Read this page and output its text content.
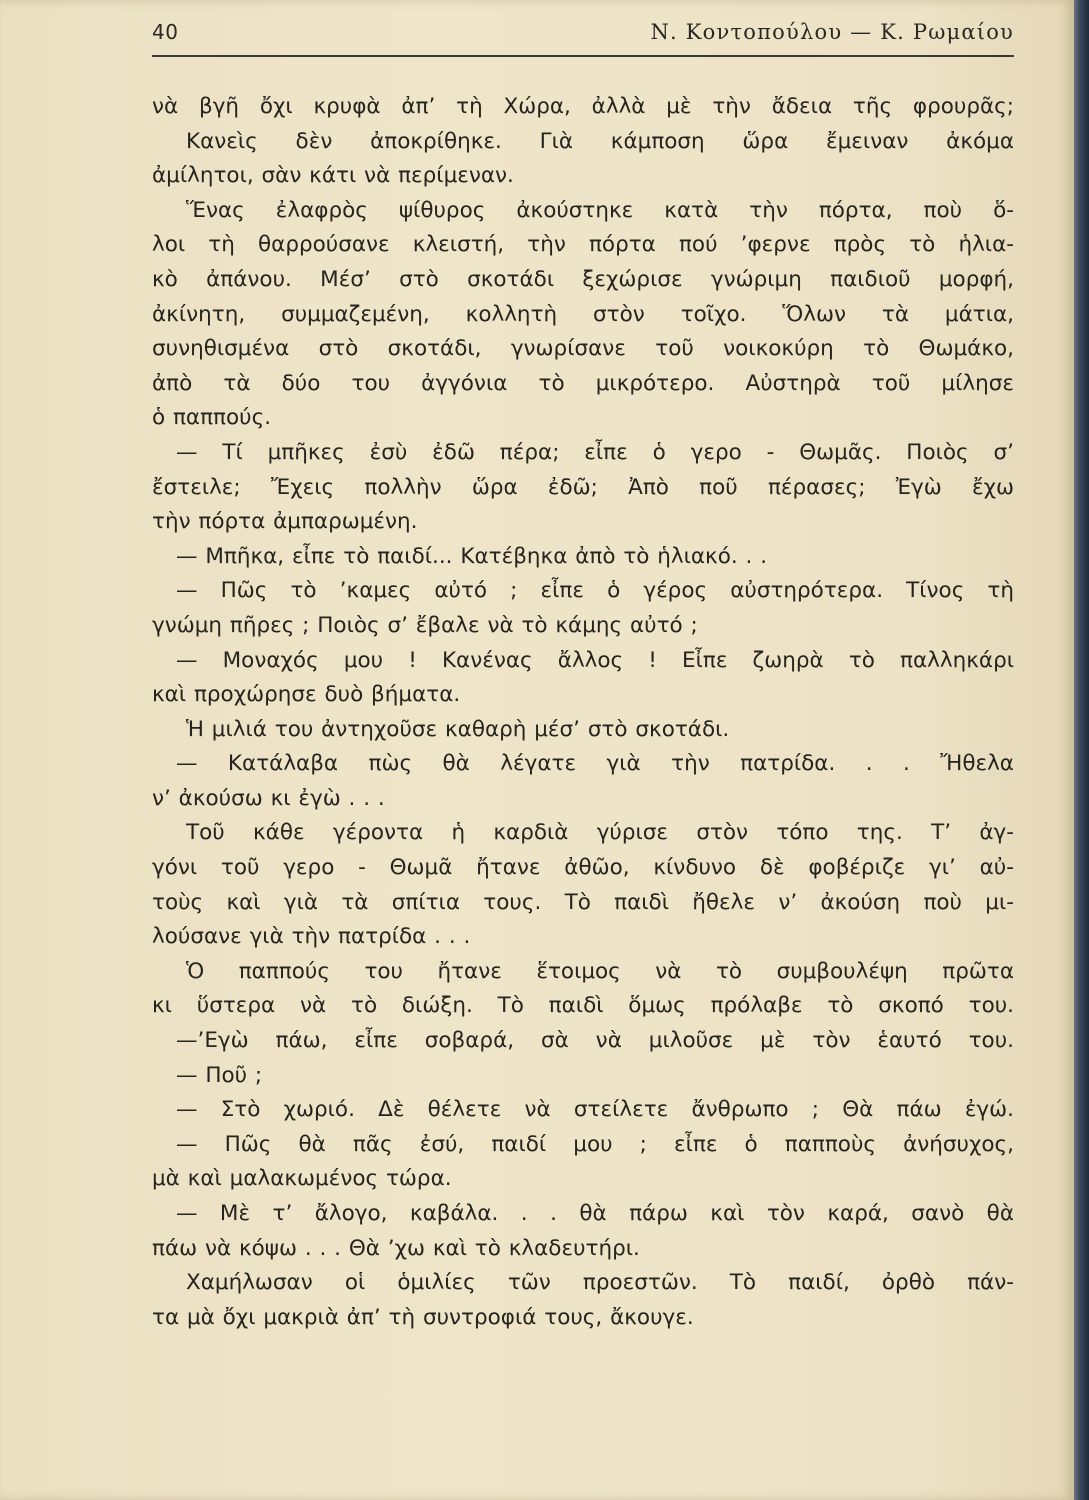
40	Ν. Κοντοπούλου — Κ. Ρωμαίου
νὰ βγῆ ὄχι κρυφὰ ἀπ’ τὴ Χώρα, ἀλλὰ μὲ τὴν ἄδεια τῆς φρουρᾶς;
Κανεὶς δὲν ἀποκρίθηκε. Γιὰ κάμποση ὥρα ἔμειναν ἀκόμα
ἀμίλητοι, σὰν κάτι νὰ περίμεναν.
Ἕνας ἐλαφρὸς ψίθυρος ἀκούστηκε κατὰ τὴν πόρτα, ποὺ ὅ-
λοι τὴ θαρρούσανε κλειστή, τὴν πόρτα πού ’φερνε πρὸς τὸ ἡλια-
κὸ ἀπάνου. Μέσ’ στὸ σκοτάδι ξεχώρισε γνώριμη παιδιοῦ μορφή,
ἀκίνητη, συμμαζεμένη, κολλητὴ στὸν τοῖχο. Ὅλων τὰ μάτια,
συνηθισμένα στὸ σκοτάδι, γνωρίσανε τοῦ νοικοκύρη τὸ Θωμάκο,
ἀπὸ τὰ δύο του ἀγγόνια τὸ μικρότερο. Αὐστηρὰ τοῦ μίλησε
ὁ παππούς.
— Τί μπῆκες ἐσὺ ἐδῶ πέρα; εἶπε ὁ γερο - Θωμᾶς. Ποιὸς σ’
ἔστειλε; Ἔχεις πολλὴν ὥρα ἐδῶ; Ἀπὸ ποῦ πέρασες; Ἐγὼ ἔχω
τὴν πόρτα ἀμπαρωμένη.
— Μπῆκα, εἶπε τὸ παιδί... Κατέβηκα ἀπὸ τὸ ἡλιακό. . .
— Πῶς τὸ ’καμες αὐτό ; εἶπε ὁ γέρος αὐστηρότερα. Τίνος τὴ
γνώμη πῆρες ; Ποιὸς σ’ ἔβαλε νὰ τὸ κάμης αὐτό ;
— Μοναχός μου ! Κανένας ἄλλος ! Εἶπε ζωηρὰ τὸ παλληκάρι
καὶ προχώρησε δυὸ βήματα.
Ἡ μιλιά του ἀντηχοῦσε καθαρὴ μέσ’ στὸ σκοτάδι.
— Κατάλαβα πὼς θὰ λέγατε γιὰ τὴν πατρίδα. . . Ἤθελα
ν’ ἀκούσω κι ἐγὼ . . .
Τοῦ κάθε γέροντα ἡ καρδιὰ γύρισε στὸν τόπο της. Τ’ ἀγ-
γόνι τοῦ γερο - Θωμᾶ ἤτανε ἀθῶο, κίνδυνο δὲ φοβέριζε γι’ αὐ-
τοὺς καὶ γιὰ τὰ σπίτια τους. Τὸ παιδὶ ἤθελε ν’ ἀκούση ποὺ μι-
λούσανε γιὰ τὴν πατρίδα . . .
Ὁ παππούς του ἤτανε ἕτοιμος νὰ τὸ συμβουλέψη πρῶτα
κι ὕστερα νὰ τὸ διώξη. Τὸ παιδὶ ὅμως πρόλαβε τὸ σκοπό του.
—’Εγὼ πάω, εἶπε σοβαρά, σὰ νὰ μιλοῦσε μὲ τὸν ἑαυτό του.
— Ποῦ ;
— Στὸ χωριό. Δὲ θέλετε νὰ στείλετε ἄνθρωπο ; Θὰ πάω ἐγώ.
— Πῶς θὰ πᾶς ἐσύ, παιδί μου ; εἶπε ὁ παπποὺς ἀνήσυχος,
μὰ καὶ μαλακωμένος τώρα.
— Μὲ τ’ ἄλογο, καβάλα. . . θὰ πάρω καὶ τὸν καρά, σανὸ θὰ
πάω νὰ κόψω . . . Θὰ ’χω καὶ τὸ κλαδευτήρι.
Χαμήλωσαν οἱ ὁμιλίες τῶν προεστῶν. Τὸ παιδί, ὀρθὸ πάν-
τα μὰ ὄχι μακριὰ ἀπ’ τὴ συντροφιά τους, ἄκουγε.
